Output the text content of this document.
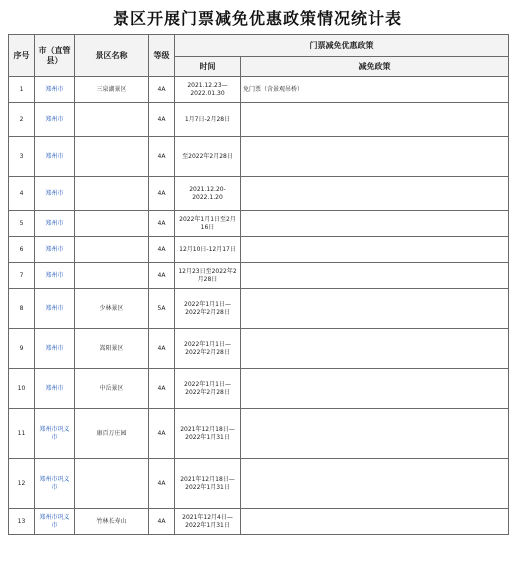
景区开展门票减免优惠政策情况统计表
序号	市（直管县）	景区名称	等级	门票减免优惠政策	
				时间	减免政策
1	郑州市	三泉湖景区	4A	2021.12.23—2022.01.30	免门票（含景观吊桥）
2	郑州市		4A	1月7日-2月28日	
3	郑州市		4A	至2022年2月28日	
4	郑州市		4A	2021.12.20-2022.1.20	
5	郑州市		4A	2022年1月1日至2月16日	
6	郑州市		4A	12月10日-12月17日	
7	郑州市		4A	12月23日至2022年2月28日	
8	郑州市	少林景区	5A	2022年1月1日—2022年2月28日	
9	郑州市	嵩阳景区	4A	2022年1月1日—2022年2月28日	
10	郑州市	中岳景区	4A	2022年1月1日—2022年2月28日	
11	郑州市巩义市	康百万庄园	4A	2021年12月18日—2022年1月31日	
12	郑州市巩义市		4A	2021年12月18日—2022年1月31日	
13	郑州市巩义市	竹林长寿山	4A	2021年12月4日—2022年1月31日	
